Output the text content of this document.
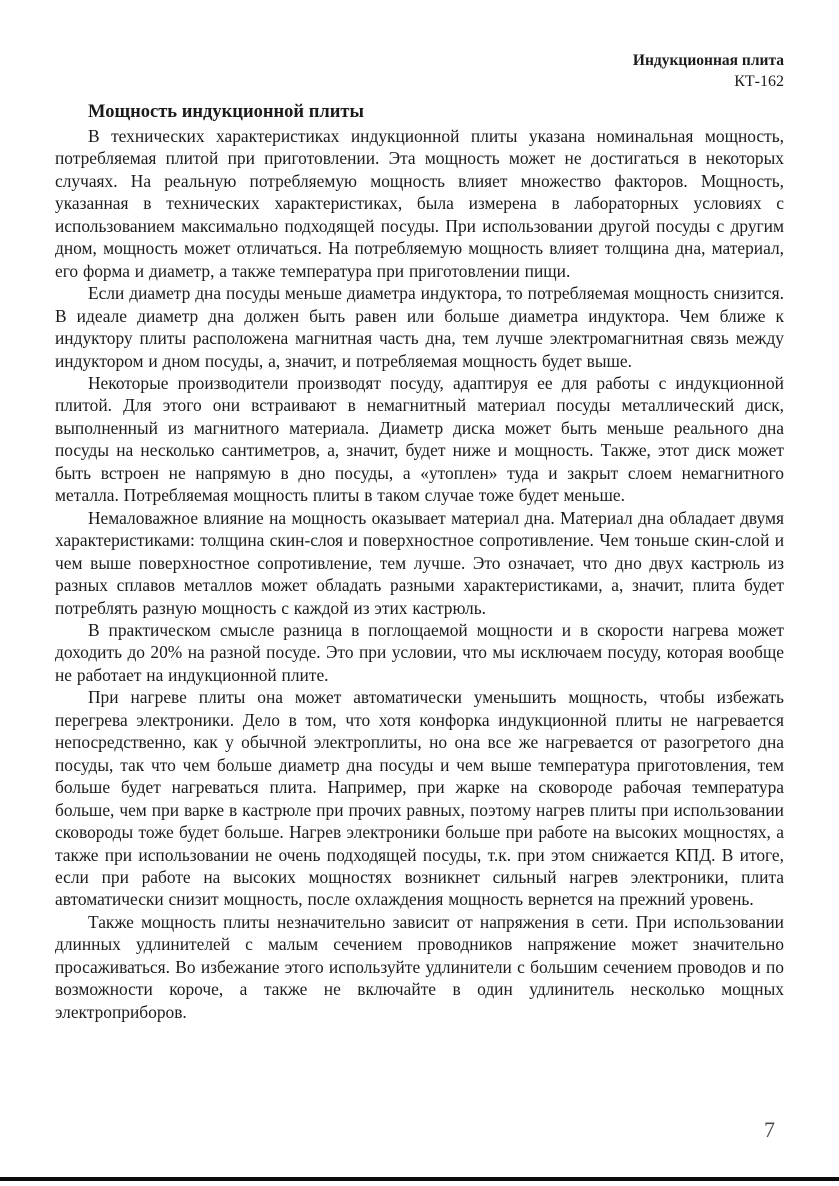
Индукционная плита
КТ-162
Мощность индукционной плиты

В технических характеристиках индукционной плиты указана номинальная мощность, потребляемая плитой при приготовлении. Эта мощность может не достигаться в некоторых случаях. На реальную потребляемую мощность влияет множество факторов. Мощность, указанная в технических характеристиках, была измерена в лабораторных условиях с использованием максимально подходящей посуды. При использовании другой посуды с другим дном, мощность может отличаться. На потребляемую мощность влияет толщина дна, материал, его форма и диаметр, а также температура при приготовлении пищи.

Если диаметр дна посуды меньше диаметра индуктора, то потребляемая мощность снизится. В идеале диаметр дна должен быть равен или больше диаметра индуктора. Чем ближе к индуктору плиты расположена магнитная часть дна, тем лучше электромагнитная связь между индуктором и дном посуды, а, значит, и потребляемая мощность будет выше.

Некоторые производители производят посуду, адаптируя ее для работы с индукционной плитой. Для этого они встраивают в немагнитный материал посуды металлический диск, выполненный из магнитного материала. Диаметр диска может быть меньше реального дна посуды на несколько сантиметров, а, значит, будет ниже и мощность. Также, этот диск может быть встроен не напрямую в дно посуды, а «утоплен» туда и закрыт слоем немагнитного металла. Потребляемая мощность плиты в таком случае тоже будет меньше.

Немаловажное влияние на мощность оказывает материал дна. Материал дна обладает двумя характеристиками: толщина скин-слоя и поверхностное сопротивление. Чем тоньше скин-слой и чем выше поверхностное сопротивление, тем лучше. Это означает, что дно двух кастрюль из разных сплавов металлов может обладать разными характеристиками, а, значит, плита будет потреблять разную мощность с каждой из этих кастрюль.

В практическом смысле разница в поглощаемой мощности и в скорости нагрева может доходить до 20% на разной посуде. Это при условии, что мы исключаем посуду, которая вообще не работает на индукционной плите.

При нагреве плиты она может автоматически уменьшить мощность, чтобы избежать перегрева электроники. Дело в том, что хотя конфорка индукционной плиты не нагревается непосредственно, как у обычной электроплиты, но она все же нагревается от разогретого дна посуды, так что чем больше диаметр дна посуды и чем выше температура приготовления, тем больше будет нагреваться плита. Например, при жарке на сковороде рабочая температура больше, чем при варке в кастрюле при прочих равных, поэтому нагрев плиты при использовании сковороды тоже будет больше. Нагрев электроники больше при работе на высоких мощностях, а также при использовании не очень подходящей посуды, т.к. при этом снижается КПД. В итоге, если при работе на высоких мощностях возникнет сильный нагрев электроники, плита автоматически снизит мощность, после охлаждения мощность вернется на прежний уровень.

Также мощность плиты незначительно зависит от напряжения в сети. При использовании длинных удлинителей с малым сечением проводников напряжение может значительно просаживаться. Во избежание этого используйте удлинители с большим сечением проводов и по возможности короче, а также не включайте в один удлинитель несколько мощных электроприборов.

7
